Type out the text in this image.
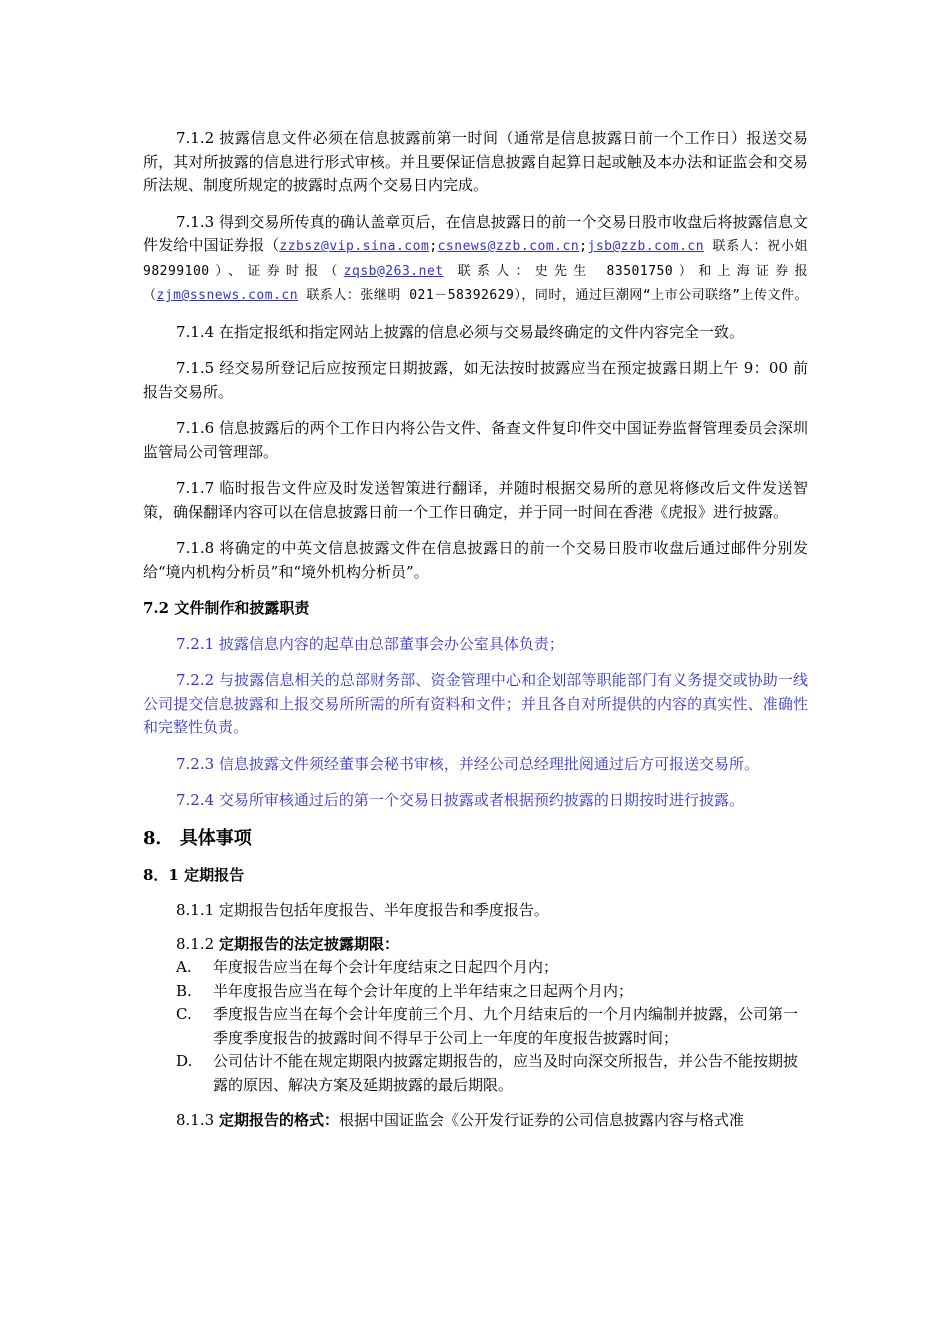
7.1.2 披露信息文件必须在信息披露前第一时间（通常是信息披露日前一个工作日）报送交易所，其对所披露的信息进行形式审核。并且要保证信息披露自起算日起或触及本办法和证监会和交易所法规、制度所规定的披露时点两个交易日内完成。

7.1.3 得到交易所传真的确认盖章页后，在信息披露日的前一个交易日股市收盘后将披露信息文件发给中国证券报（zzbsz@vip.sina.com;csnews@zzb.com.cn;jsb@zzb.com.cn 联系人：祝小姐 98299100）、证券时报（zqsb@263.net 联系人：史先生 83501750）和上海证券报（zjm@ssnews.com.cn 联系人：张继明 021－58392629），同时，通过巨潮网“上市公司联络”上传文件。

7.1.4 在指定报纸和指定网站上披露的信息必须与交易最终确定的文件内容完全一致。

7.1.5 经交易所登记后应按预定日期披露，如无法按时披露应当在预定披露日期上午 9：00 前报告交易所。

7.1.6 信息披露后的两个工作日内将公告文件、备查文件复印件交中国证券监督管理委员会深圳监管局公司管理部。

7.1.7 临时报告文件应及时发送智策进行翻译，并随时根据交易所的意见将修改后文件发送智策，确保翻译内容可以在信息披露日前一个工作日确定，并于同一时间在香港《虎报》进行披露。

7.1.8 将确定的中英文信息披露文件在信息披露日的前一个交易日股市收盘后通过邮件分别发给“境内机构分析员”和“境外机构分析员”。

7.2 文件制作和披露职责

7.2.1 披露信息内容的起草由总部董事会办公室具体负责；

7.2.2 与披露信息相关的总部财务部、资金管理中心和企划部等职能部门有义务提交或协助一线公司提交信息披露和上报交易所所需的所有资料和文件；并且各自对所提供的内容的真实性、准确性和完整性负责。

7.2.3 信息披露文件须经董事会秘书审核，并经公司总经理批阅通过后方可报送交易所。

7.2.4 交易所审核通过后的第一个交易日披露或者根据预约披露的日期按时进行披露。

8． 具体事项

8．1 定期报告

8.1.1 定期报告包括年度报告、半年度报告和季度报告。

8.1.2 定期报告的法定披露期限：

A. 年度报告应当在每个会计年度结束之日起四个月内；
B. 半年度报告应当在每个会计年度的上半年结束之日起两个月内；
C. 季度报告应当在每个会计年度前三个月、九个月结束后的一个月内编制并披露，公司第一季度季度报告的披露时间不得早于公司上一年度的年度报告披露时间；
D. 公司估计不能在规定期限内披露定期报告的，应当及时向深交所报告，并公告不能按期披露的原因、解决方案及延期披露的最后期限。

8.1.3 定期报告的格式：根据中国证监会《公开发行证券的公司信息披露内容与格式准
